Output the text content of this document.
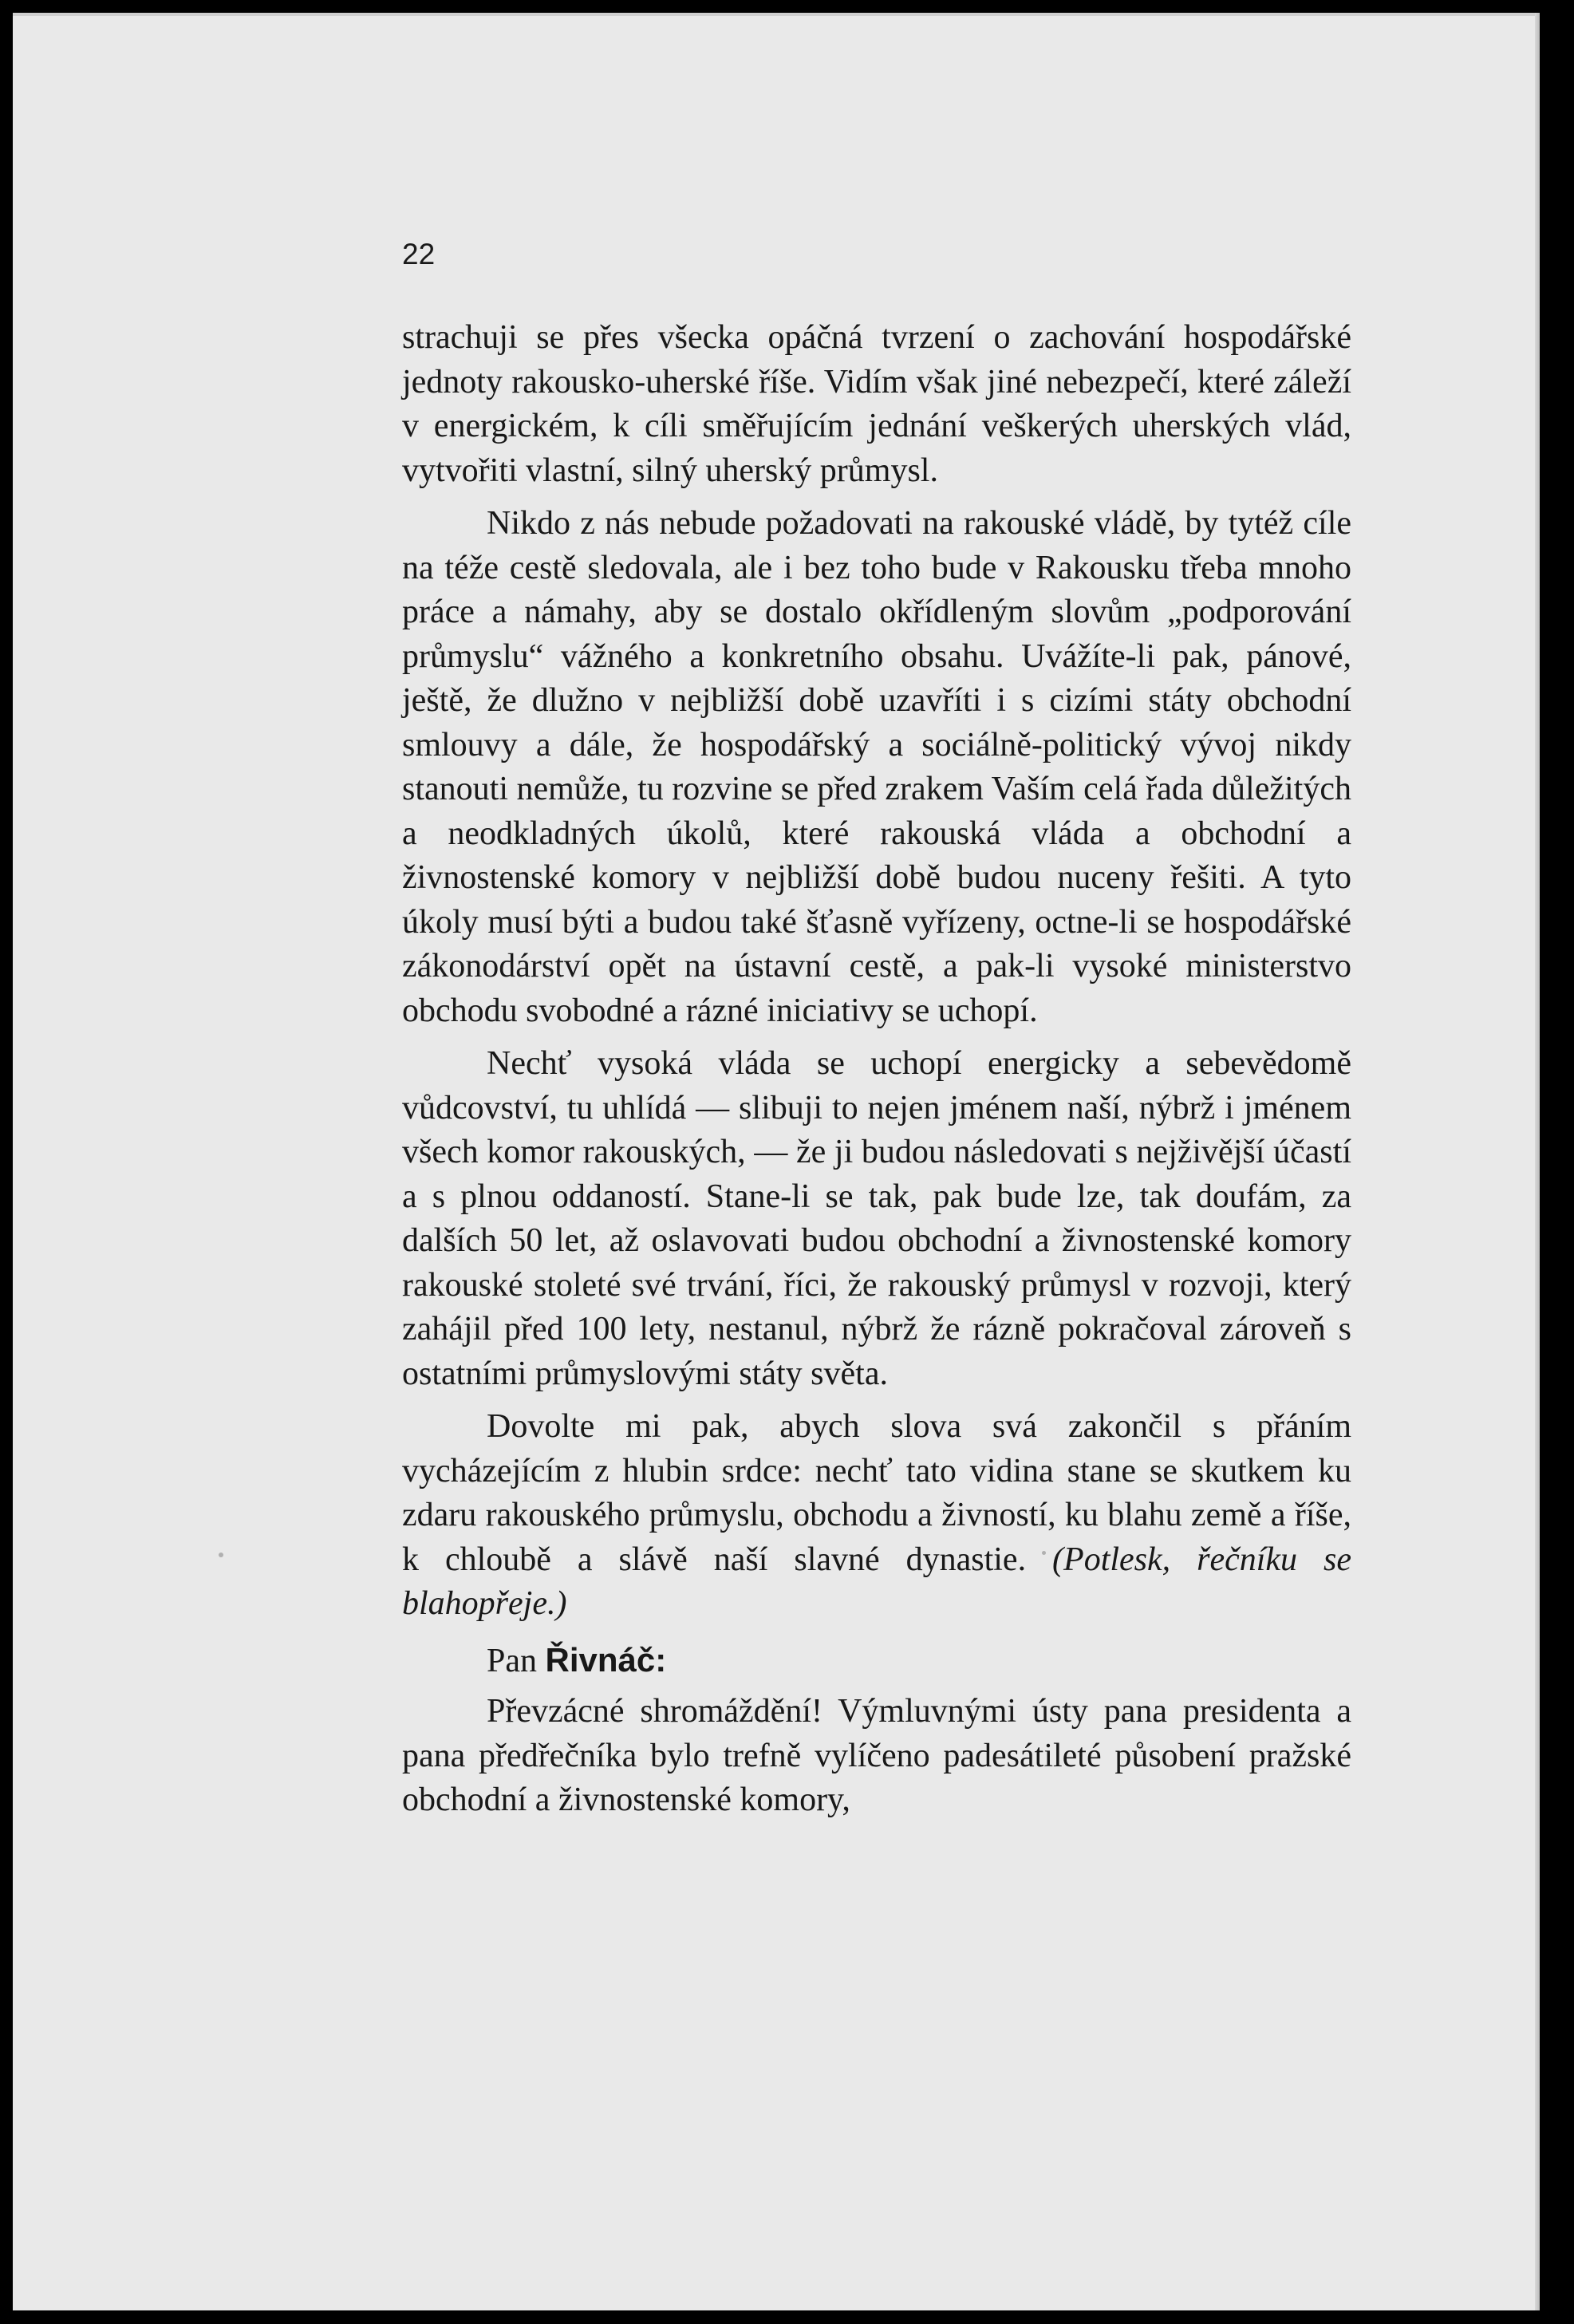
22

strachuji se přes všecka opáčná tvrzení o zachování hospodářské jednoty rakousko-uherské říše. Vidím však jiné nebezpečí, které záleží v energickém, k cíli směřujícím jednání veškerých uherských vlád, vytvořiti vlastní, silný uherský průmysl.

Nikdo z nás nebude požadovati na rakouské vládě, by tytéž cíle na téže cestě sledovala, ale i bez toho bude v Rakousku třeba mnoho práce a námahy, aby se dostalo okřídleným slovům „podporování průmyslu“ vážného a konkretního obsahu. Uvážíte-li pak, pánové, ještě, že dlužno v nejbližší době uzavříti i s cizími státy obchodní smlouvy a dále, že hospodářský a sociálně-politický vývoj nikdy stanouti nemůže, tu rozvine se před zrakem Vaším celá řada důležitých a neodkladných úkolů, které rakouská vláda a obchodní a živnostenské komory v nejbližší době budou nuceny řešiti. A tyto úkoly musí býti a budou také šťasně vyřízeny, octne-li se hospodářské zákonodárství opět na ústavní cestě, a pak-li vysoké ministerstvo obchodu svobodné a rázné iniciativy se uchopí.

Nechť vysoká vláda se uchopí energicky a sebevědomě vůdcovství, tu uhlídá — slibuji to nejen jménem naší, nýbrž i jménem všech komor rakouských, — že ji budou následovati s nejživější účastí a s plnou oddaností. Stane-li se tak, pak bude lze, tak doufám, za dalších 50 let, až oslavovati budou obchodní a živnostenské komory rakouské stoleté své trvání, říci, že rakouský průmysl v rozvoji, který zahájil před 100 lety, nestanul, nýbrž že rázně pokračoval zároveň s ostatními průmyslovými státy světa.

Dovolte mi pak, abych slova svá zakončil s přáním vycházejícím z hlubin srdce: nechť tato vidina stane se skutkem ku zdaru rakouského průmyslu, obchodu a živností, ku blahu země a říše, k chloubě a slávě naší slavné dynastie. (Potlesk, řečníku se blahopřeje.)

Pan Řivnáč:

Převzácné shromáždění! Výmluvnými ústy pana presidenta a pana předřečníka bylo trefně vylíčeno padesátileté působení pražské obchodní a živnostenské komory,
